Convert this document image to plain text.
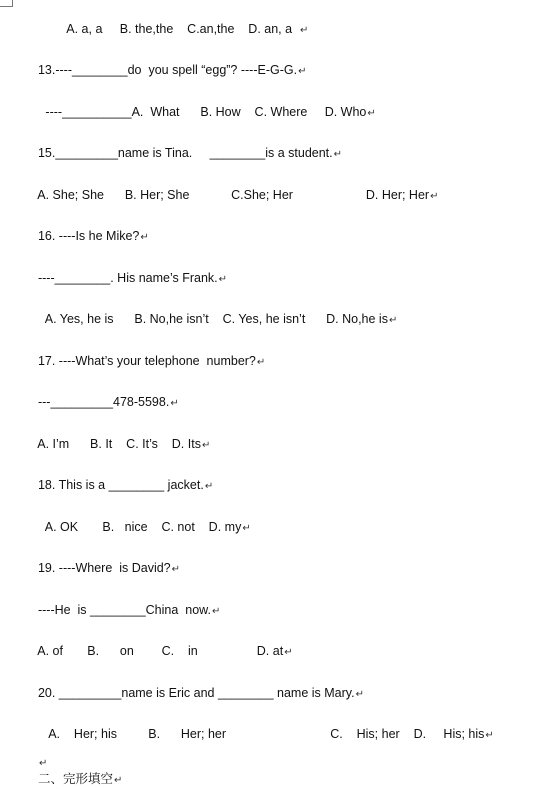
A. a, a     B. the,the    C.an,the    D. an, a  ↵

13.----________do  you spell “egg”? ----E-G-G.↵

----__________A.  What      B. How    C. Where     D. Who↵

15._________name is Tina.     ________is a student.↵

A. She; She      B. Her; She            C.She; Her                     D. Her; Her↵

16. ----Is he Mike?↵

----________. His name’s Frank.↵

A. Yes, he is      B. No,he isn’t    C. Yes, he isn’t      D. No,he is↵

17. ----What’s your telephone  number?↵

---_________478-5598.↵

A. I’m      B. It    C. It’s    D. Its↵

18. This is a ________ jacket.↵

A. OK       B.   nice    C. not    D. my↵

19. ----Where  is David?↵

----He  is ________China  now.↵

A. of       B.      on        C.    in                 D. at↵

20. _________name is Eric and ________ name is Mary.↵

A.    Her; his         B.      Her; her                              C.    His; her    D.     His; his↵

↵

二、完形填空↵
